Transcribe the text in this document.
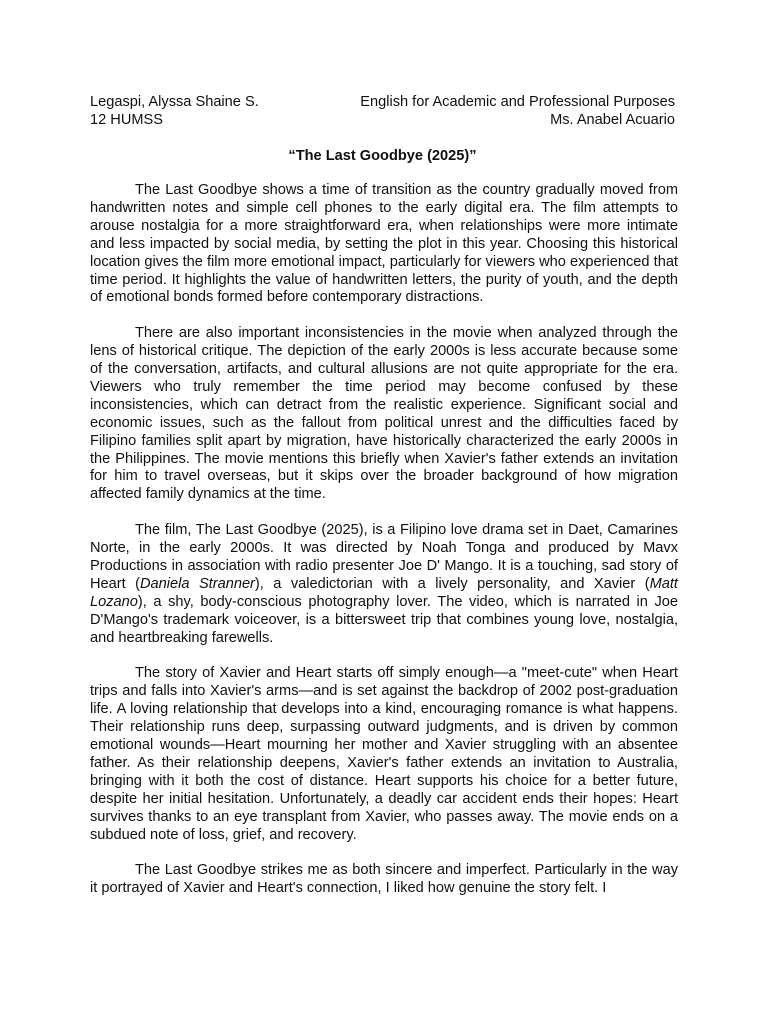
Legaspi, Alyssa Shaine S.	English for Academic and Professional Purposes
12 HUMSS	Ms. Anabel Acuario
“The Last Goodbye (2025)”

The Last Goodbye shows a time of transition as the country gradually moved from handwritten notes and simple cell phones to the early digital era. The film attempts to arouse nostalgia for a more straightforward era, when relationships were more intimate and less impacted by social media, by setting the plot in this year. Choosing this historical location gives the film more emotional impact, particularly for viewers who experienced that time period. It highlights the value of handwritten letters, the purity of youth, and the depth of emotional bonds formed before contemporary distractions.

There are also important inconsistencies in the movie when analyzed through the lens of historical critique. The depiction of the early 2000s is less accurate because some of the conversation, artifacts, and cultural allusions are not quite appropriate for the era. Viewers who truly remember the time period may become confused by these inconsistencies, which can detract from the realistic experience. Significant social and economic issues, such as the fallout from political unrest and the difficulties faced by Filipino families split apart by migration, have historically characterized the early 2000s in the Philippines. The movie mentions this briefly when Xavier's father extends an invitation for him to travel overseas, but it skips over the broader background of how migration affected family dynamics at the time.

The film, The Last Goodbye (2025), is a Filipino love drama set in Daet, Camarines Norte, in the early 2000s. It was directed by Noah Tonga and produced by Mavx Productions in association with radio presenter Joe D' Mango. It is a touching, sad story of Heart (Daniela Stranner), a valedictorian with a lively personality, and Xavier (Matt Lozano), a shy, body-conscious photography lover. The video, which is narrated in Joe D'Mango's trademark voiceover, is a bittersweet trip that combines young love, nostalgia, and heartbreaking farewells.

The story of Xavier and Heart starts off simply enough—a "meet-cute" when Heart trips and falls into Xavier's arms—and is set against the backdrop of 2002 post-graduation life. A loving relationship that develops into a kind, encouraging romance is what happens. Their relationship runs deep, surpassing outward judgments, and is driven by common emotional wounds—Heart mourning her mother and Xavier struggling with an absentee father. As their relationship deepens, Xavier's father extends an invitation to Australia, bringing with it both the cost of distance. Heart supports his choice for a better future, despite her initial hesitation. Unfortunately, a deadly car accident ends their hopes: Heart survives thanks to an eye transplant from Xavier, who passes away. The movie ends on a subdued note of loss, grief, and recovery.

The Last Goodbye strikes me as both sincere and imperfect. Particularly in the way it portrayed of Xavier and Heart's connection, I liked how genuine the story felt. I
